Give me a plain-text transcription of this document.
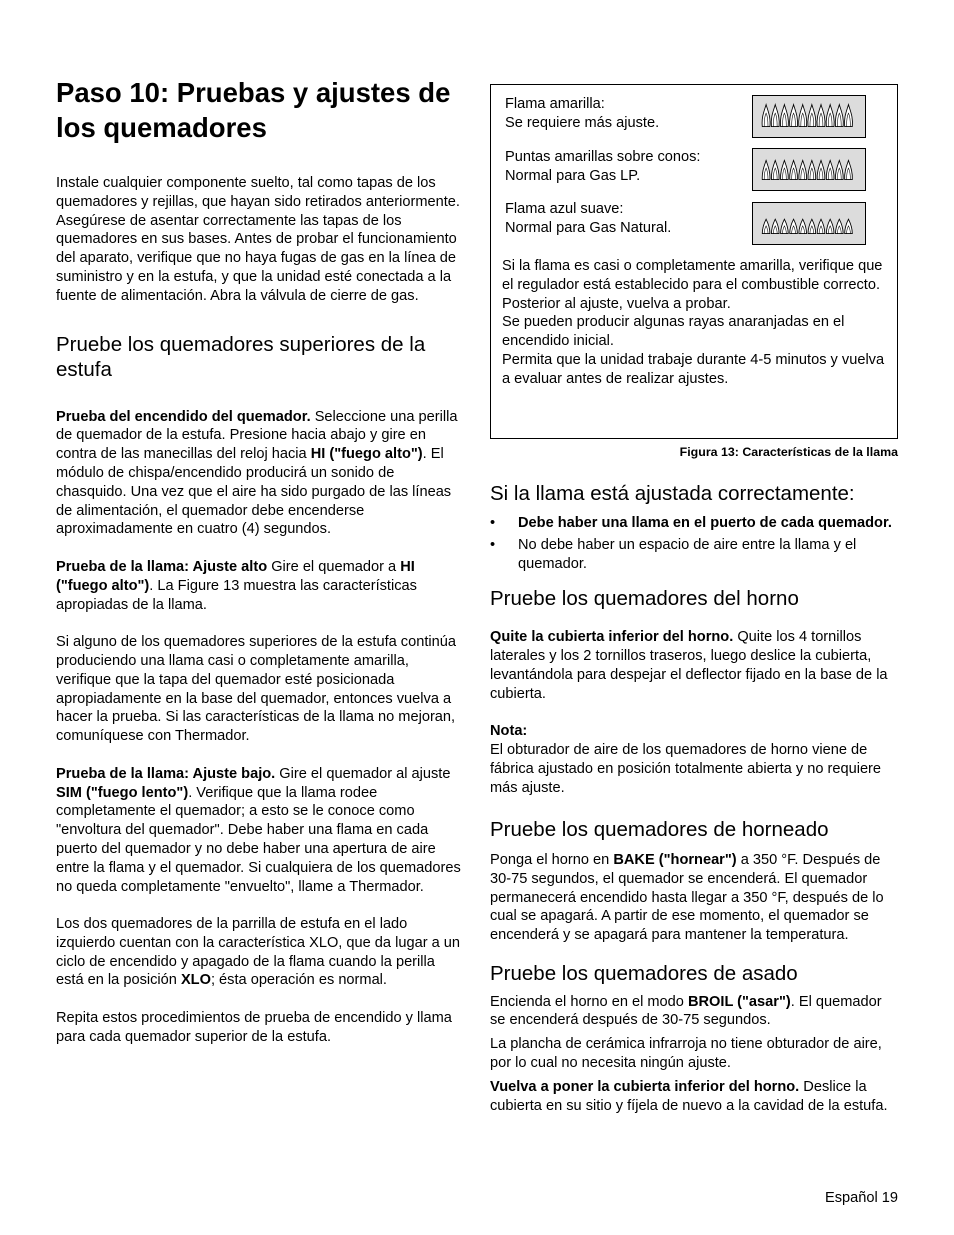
Paso 10: Pruebas y ajustes de los quemadores

Instale cualquier componente suelto, tal como tapas de los quemadores y rejillas, que hayan sido retirados anteriormente. Asegúrese de asentar correctamente las tapas de los quemadores en sus bases. Antes de probar el funcionamiento del aparato, verifique que no haya fugas de gas en la línea de suministro y en la estufa, y que la unidad esté conectada a la fuente de alimentación. Abra la válvula de cierre de gas.

Pruebe los quemadores superiores de la estufa

Prueba del encendido del quemador. Seleccione una perilla de quemador de la estufa. Presione hacia abajo y gire en contra de las manecillas del reloj hacia HI ("fuego alto"). El módulo de chispa/encendido producirá un sonido de chasquido. Una vez que el aire ha sido purgado de las líneas de alimentación, el quemador debe encenderse aproximadamente en cuatro (4) segundos.

Prueba de la llama: Ajuste alto Gire el quemador a HI ("fuego alto"). La Figure 13 muestra las características apropiadas de la llama.

Si alguno de los quemadores superiores de la estufa continúa produciendo una llama casi o completamente amarilla, verifique que la tapa del quemador esté posicionada apropiadamente en la base del quemador, entonces vuelva a hacer la prueba. Si las características de la llama no mejoran, comuníquese con Thermador.

Prueba de la llama: Ajuste bajo. Gire el quemador al ajuste SIM ("fuego lento"). Verifique que la llama rodee completamente el quemador; a esto se le conoce como "envoltura del quemador". Debe haber una flama en cada puerto del quemador y no debe haber una apertura de aire entre la flama y el quemador. Si cualquiera de los quemadores no queda completamente "envuelto", llame a Thermador.

Los dos quemadores de la parrilla de estufa en el lado izquierdo cuentan con la característica XLO, que da lugar a un ciclo de encendido y apagado de la flama cuando la perilla está en la posición XLO; ésta operación es normal.

Repita estos procedimientos de prueba de encendido y llama para cada quemador superior de la estufa.

Flama amarilla:
Se requiere más ajuste.
Puntas amarillas sobre conos:
Normal para Gas LP.
Flama azul suave:
Normal para Gas Natural.
Si la flama es casi o completamente amarilla, verifique que el regulador está establecido para el combustible correcto. Posterior al ajuste, vuelva a probar.
Se pueden producir algunas rayas anaranjadas en el encendido inicial.
Permita que la unidad trabaje durante 4-5 minutos y vuelva a evaluar antes de realizar ajustes.

Figura 13: Características de la llama

Si la llama está ajustada correctamente:
• Debe haber una llama en el puerto de cada quemador.
• No debe haber un espacio de aire entre la llama y el quemador.
Pruebe los quemadores del horno

Quite la cubierta inferior del horno. Quite los 4 tornillos laterales y los 2 tornillos traseros, luego deslice la cubierta, levantándola para despejar el deflector fijado en la base de la cubierta.

Nota:

El obturador de aire de los quemadores de horno viene de fábrica ajustado en posición totalmente abierta y no requiere más ajuste.

Pruebe los quemadores de horneado

Ponga el horno en BAKE ("hornear") a 350 °F. Después de 30-75 segundos, el quemador se encenderá. El quemador permanecerá encendido hasta llegar a 350 °F, después de lo cual se apagará. A partir de ese momento, el quemador se encenderá y se apagará para mantener la temperatura.

Pruebe los quemadores de asado

Encienda el horno en el modo BROIL ("asar"). El quemador se encenderá después de 30-75 segundos.

La plancha de cerámica infrarroja no tiene obturador de aire, por lo cual no necesita ningún ajuste.

Vuelva a poner la cubierta inferior del horno. Deslice la cubierta en su sitio y fíjela de nuevo a la cavidad de la estufa.

Español 19
